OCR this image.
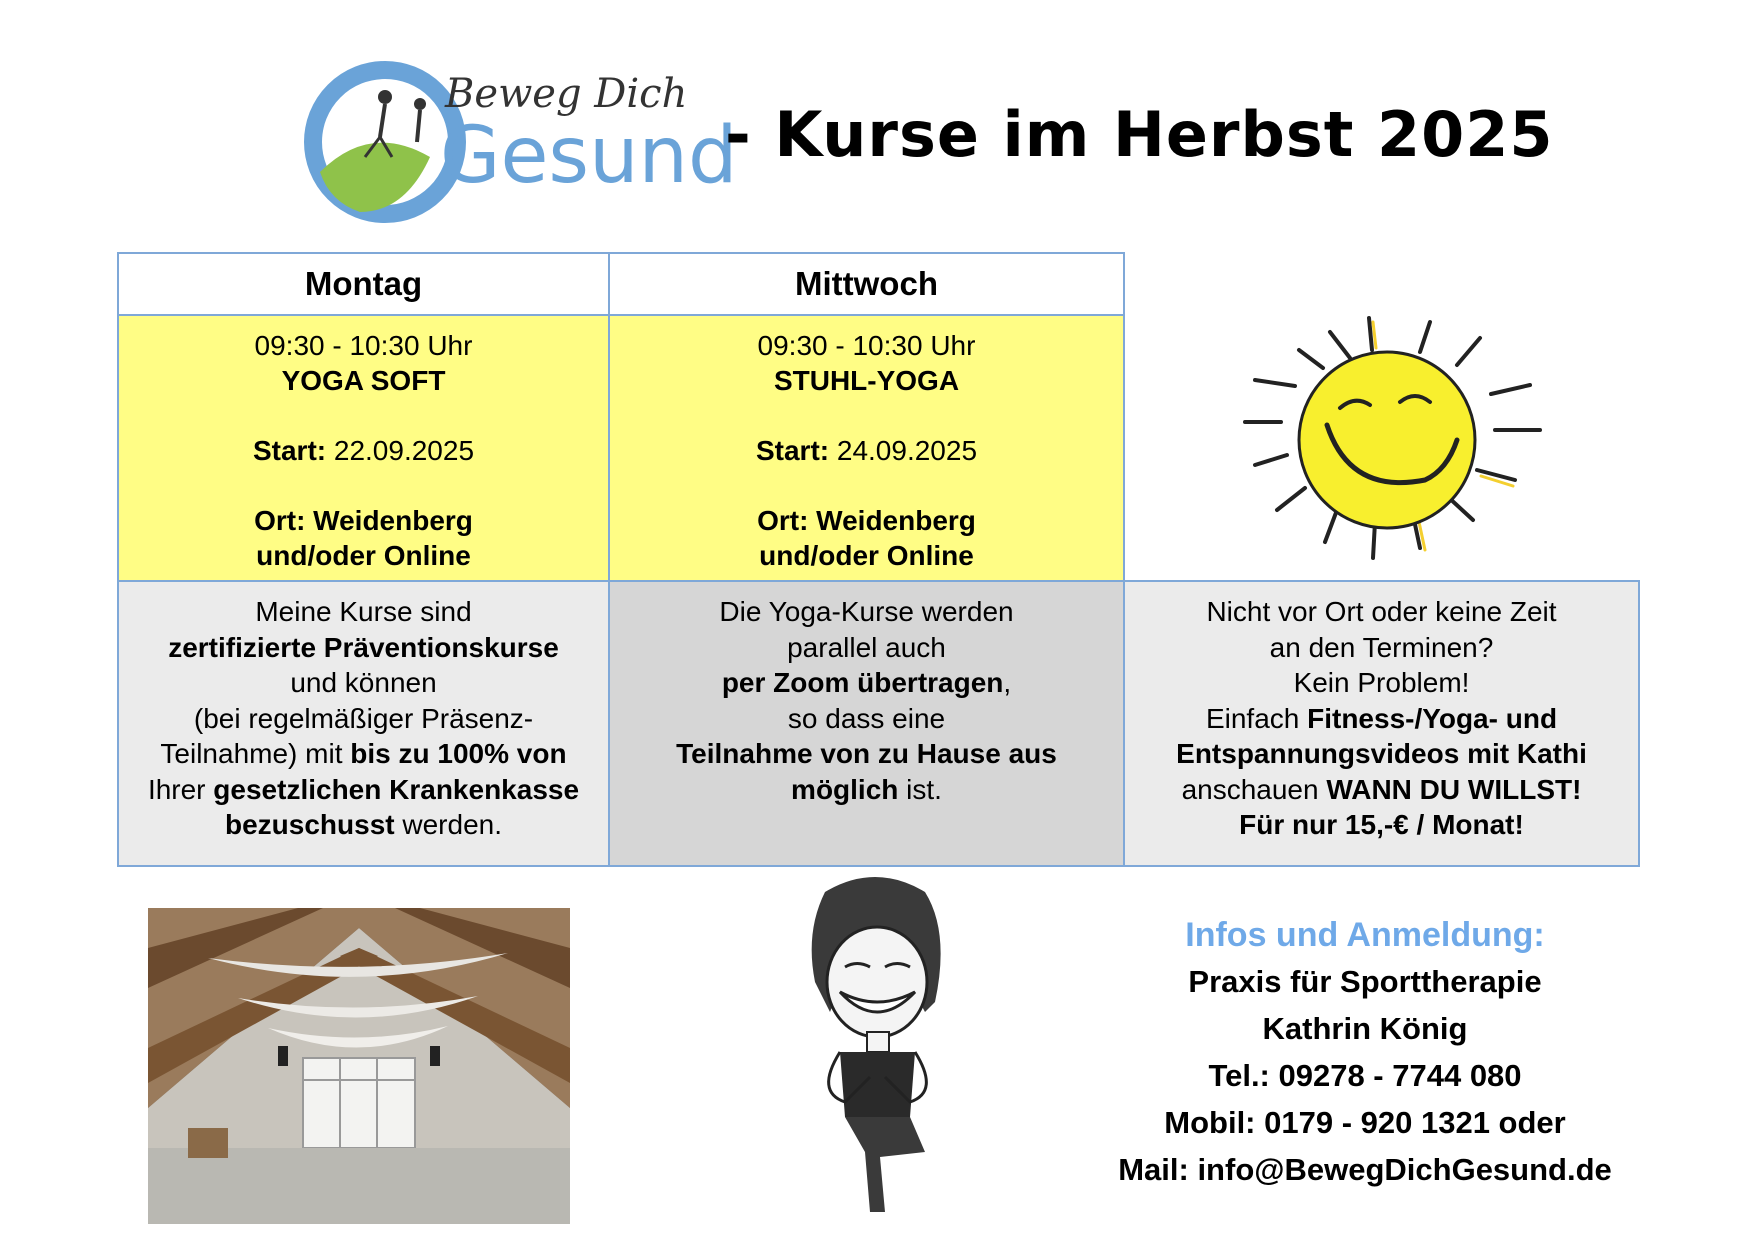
Beweg Dich
Gesund
- Kurse im Herbst 2025
Montag	Mittwoch
09:30 - 10:30 Uhr
YOGA SOFT
Start: 22.09.2025
Ort: Weidenberg
und/oder Online
09:30 - 10:30 Uhr
STUHL-YOGA
Start: 24.09.2025
Ort: Weidenberg
und/oder Online
Meine Kurse sind
zertifizierte Präventionskurse
und können
(bei regelmäßiger Präsenz-
Teilnahme) mit bis zu 100% von
Ihrer gesetzlichen Krankenkasse
bezuschusst werden.
Die Yoga-Kurse werden
parallel auch
per Zoom übertragen,
so dass eine
Teilnahme von zu Hause aus
möglich ist.
Nicht vor Ort oder keine Zeit
an den Terminen?
Kein Problem!
Einfach Fitness-/Yoga- und
Entspannungsvideos mit Kathi
anschauen WANN DU WILLST!
Für nur 15,-€ / Monat!
Infos und Anmeldung:
Praxis für Sporttherapie
Kathrin König
Tel.: 09278 - 7744 080
Mobil: 0179 - 920 1321 oder
Mail: info@BewegDichGesund.de
